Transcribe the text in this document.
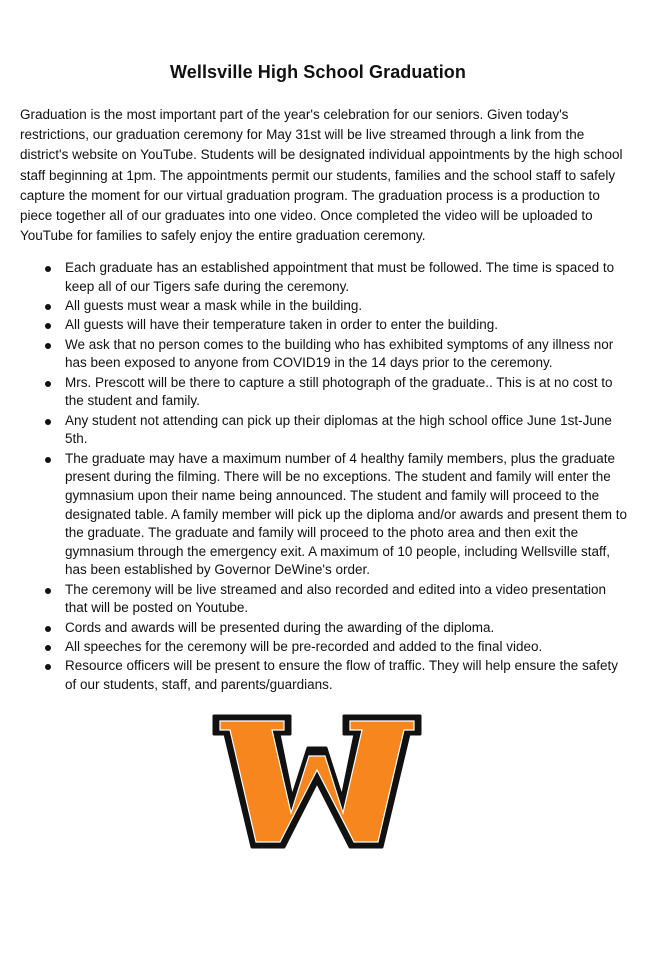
Wellsville High School Graduation

Graduation is the most important part of the year's celebration for our seniors. Given today's restrictions, our graduation ceremony for May 31st will be live streamed through a link from the district's website on YouTube. Students will be designated individual appointments by the high school staff beginning at 1pm. The appointments permit our students, families and the school staff to safely capture the moment for our virtual graduation program. The graduation process is a production to piece together all of our graduates into one video. Once completed the video will be uploaded to YouTube for families to safely enjoy the entire graduation ceremony.

Each graduate has an established appointment that must be followed. The time is spaced to keep all of our Tigers safe during the ceremony.
All guests must wear a mask while in the building.
All guests will have their temperature taken in order to enter the building.
We ask that no person comes to the building who has exhibited symptoms of any illness nor has been exposed to anyone from COVID19 in the 14 days prior to the ceremony.
Mrs. Prescott will be there to capture a still photograph of the graduate.. This is at no cost to the student and family.
Any student not attending can pick up their diplomas at the high school office June 1st-June 5th.
The graduate may have a maximum number of 4 healthy family members, plus the graduate present during the filming. There will be no exceptions. The student and family will enter the gymnasium upon their name being announced. The student and family will proceed to the designated table. A family member will pick up the diploma and/or awards and present them to the graduate. The graduate and family will proceed to the photo area and then exit the gymnasium through the emergency exit. A maximum of 10 people, including Wellsville staff, has been established by Governor DeWine's order.
The ceremony will be live streamed and also recorded and edited into a video presentation that will be posted on Youtube.
Cords and awards will be presented during the awarding of the diploma.
All speeches for the ceremony will be pre-recorded and added to the final video.
Resource officers will be present to ensure the flow of traffic. They will help ensure the safety of our students, staff, and parents/guardians.
